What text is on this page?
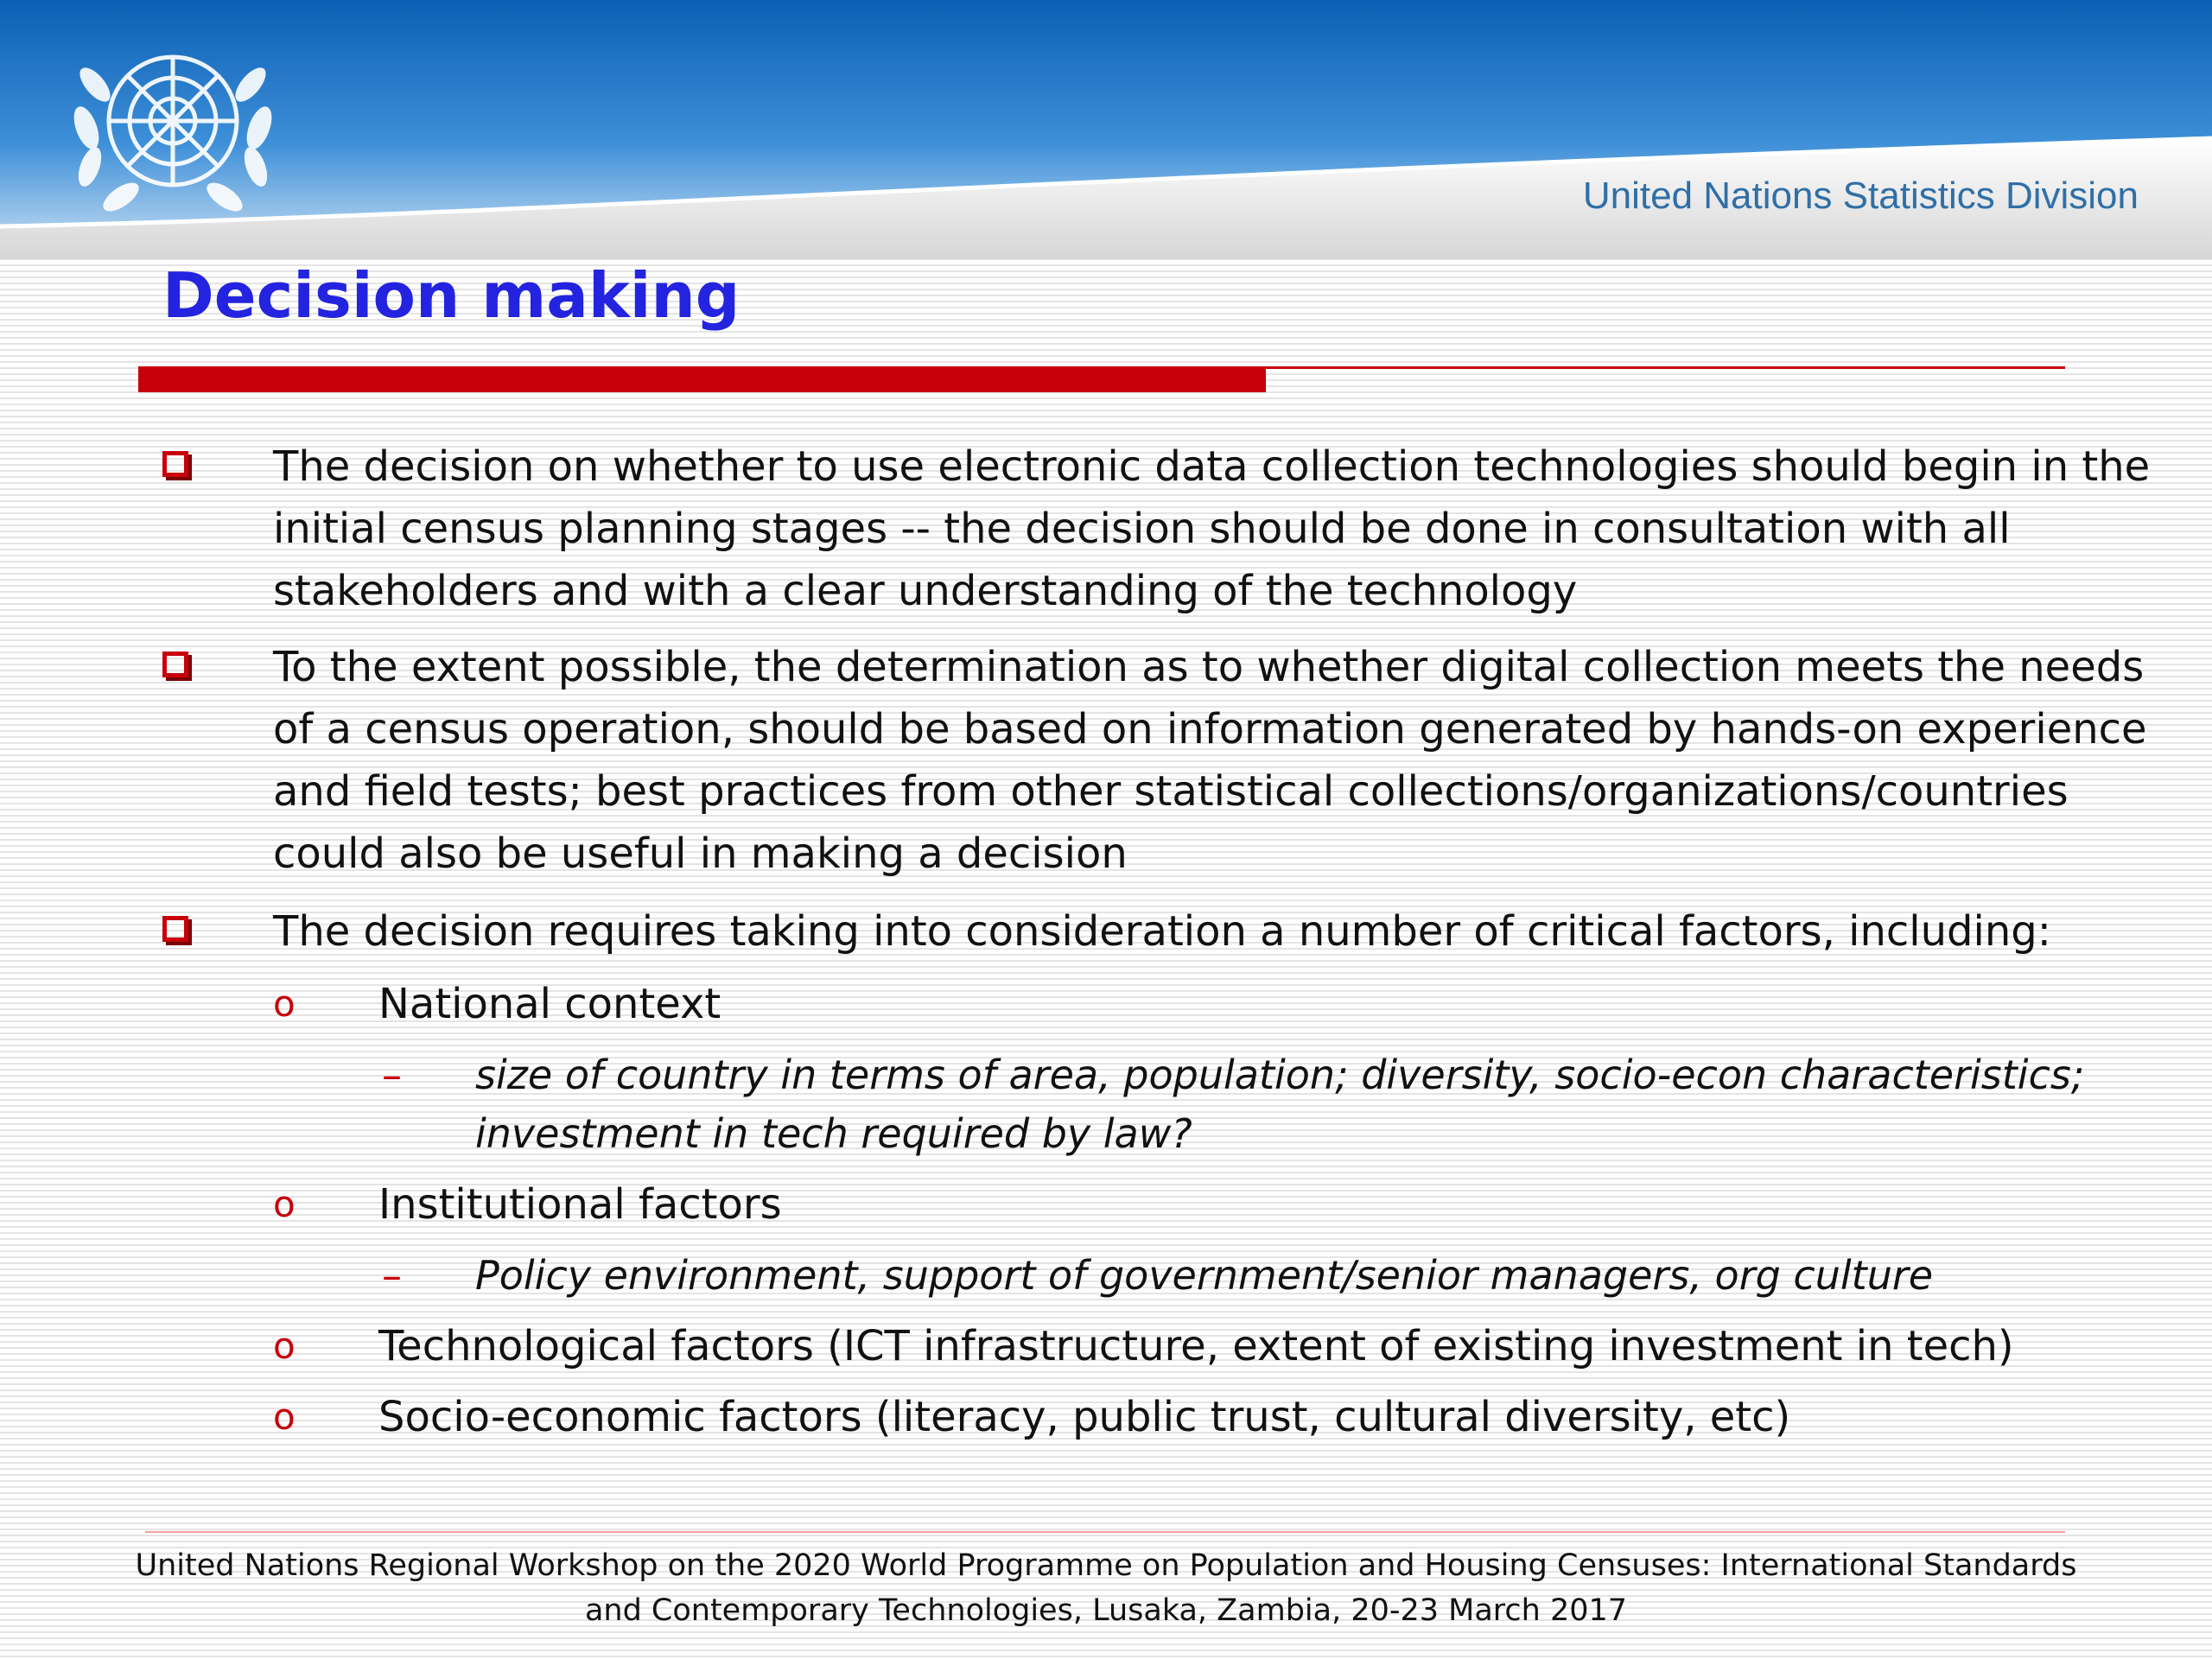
United Nations Statistics Division
Decision making
The decision on whether to use electronic data collection technologies should begin in the initial census planning stages -- the decision should be done in consultation with all stakeholders and with a clear understanding of the technology
To the extent possible, the determination as to whether digital collection meets the needs of a census operation, should be based on information generated by hands-on experience and field tests; best practices from other statistical collections/organizations/countries could also be useful in making a decision
The decision requires taking into consideration a number of critical factors, including:
o National context
– size of country in terms of area, population; diversity, socio-econ characteristics; investment in tech required by law?
o Institutional factors
– Policy environment, support of government/senior managers, org culture
o Technological factors (ICT infrastructure, extent of existing investment in tech)
o Socio-economic factors (literacy, public trust, cultural diversity, etc)
United Nations Regional Workshop on the 2020 World Programme on Population and Housing Censuses: International Standards and Contemporary Technologies, Lusaka, Zambia, 20-23 March 2017
